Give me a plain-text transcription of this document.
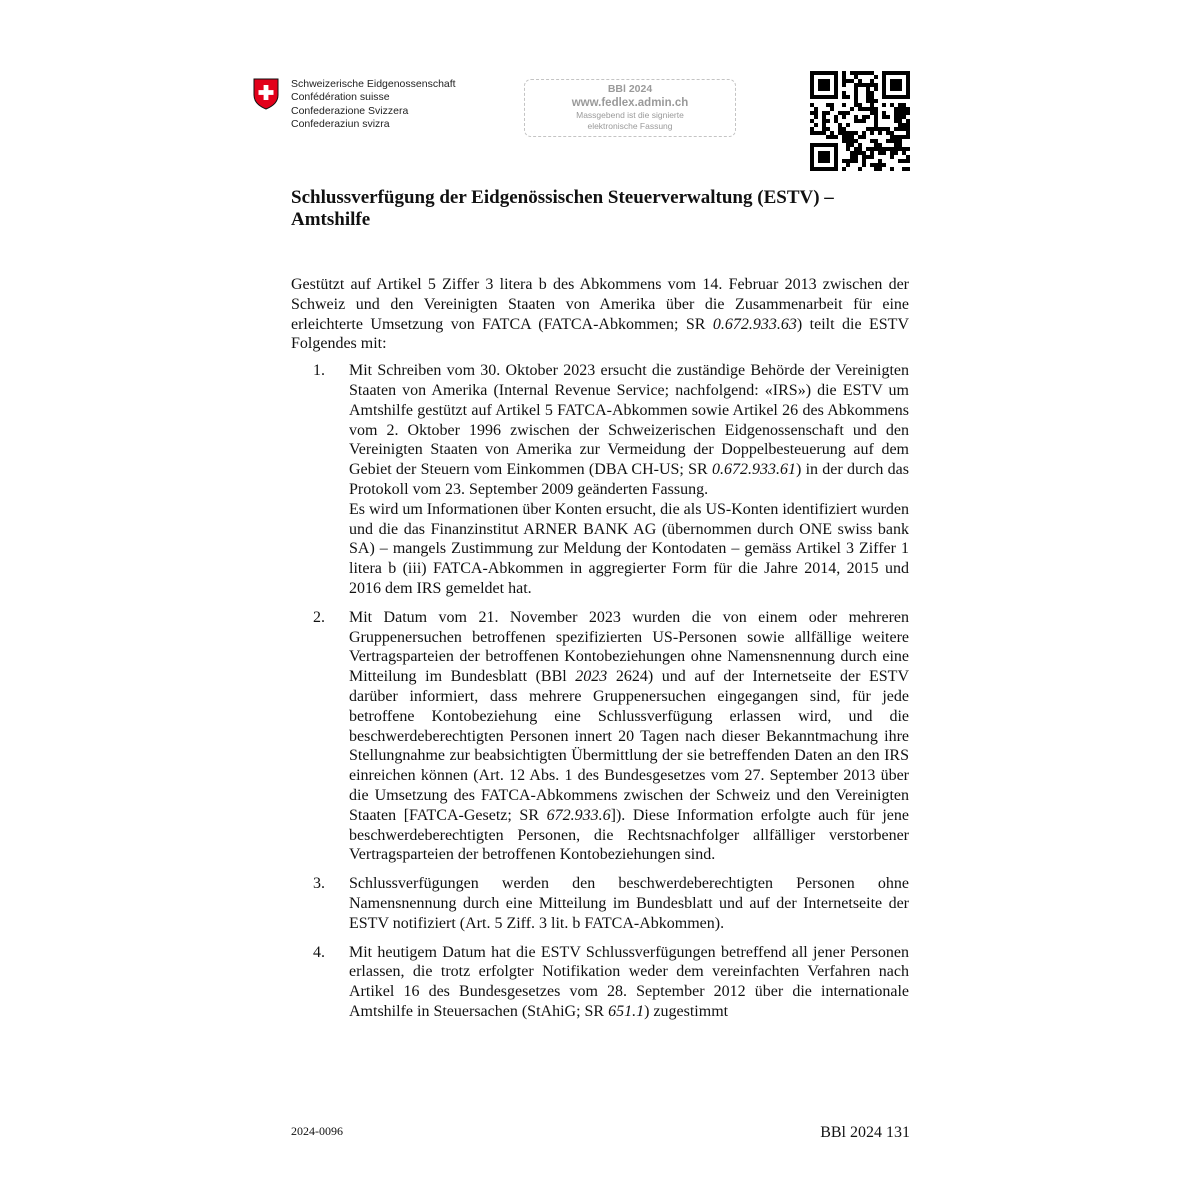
Schweizerische Eidgenossenschaft
Confédération suisse
Confederazione Svizzera
Confederaziun svizra
BBl 2024
www.fedlex.admin.ch
Massgebend ist die signierte
elektronische Fassung
Schlussverfügung der Eidgenössischen Steuerverwaltung (ESTV) –
Amtshilfe

Gestützt auf Artikel 5 Ziffer 3 litera b des Abkommens vom 14. Februar 2013 zwischen der Schweiz und den Vereinigten Staaten von Amerika über die Zusammenarbeit für eine erleichterte Umsetzung von FATCA (FATCA-Abkommen; SR 0.672.933.63) teilt die ESTV Folgendes mit:

1. Mit Schreiben vom 30. Oktober 2023 ersucht die zuständige Behörde der Vereinigten Staaten von Amerika (Internal Revenue Service; nachfolgend: «IRS») die ESTV um Amtshilfe gestützt auf Artikel 5 FATCA-Abkommen sowie Artikel 26 des Abkommens vom 2. Oktober 1996 zwischen der Schweizerischen Eidgenossenschaft und den Vereinigten Staaten von Amerika zur Vermeidung der Doppelbesteuerung auf dem Gebiet der Steuern vom Einkommen (DBA CH-US; SR 0.672.933.61) in der durch das Protokoll vom 23. September 2009 geänderten Fassung.

Es wird um Informationen über Konten ersucht, die als US-Konten identifiziert wurden und die das Finanzinstitut ARNER BANK AG (übernommen durch ONE swiss bank SA) – mangels Zustimmung zur Meldung der Kontodaten – gemäss Artikel 3 Ziffer 1 litera b (iii) FATCA-Abkommen in aggregierter Form für die Jahre 2014, 2015 und 2016 dem IRS gemeldet hat.

2. Mit Datum vom 21. November 2023 wurden die von einem oder mehreren Gruppenersuchen betroffenen spezifizierten US-Personen sowie allfällige weitere Vertragsparteien der betroffenen Kontobeziehungen ohne Namensnennung durch eine Mitteilung im Bundesblatt (BBl 2023 2624) und auf der Internetseite der ESTV darüber informiert, dass mehrere Gruppenersuchen eingegangen sind, für jede betroffene Kontobeziehung eine Schlussverfügung erlassen wird, und die beschwerdeberechtigten Personen innert 20 Tagen nach dieser Bekanntmachung ihre Stellungnahme zur beabsichtigten Übermittlung der sie betreffenden Daten an den IRS einreichen können (Art. 12 Abs. 1 des Bundesgesetzes vom 27. September 2013 über die Umsetzung des FATCA-Abkommens zwischen der Schweiz und den Vereinigten Staaten [FATCA-Gesetz; SR 672.933.6]). Diese Information erfolgte auch für jene beschwerdeberechtigten Personen, die Rechtsnachfolger allfälliger verstorbener Vertragsparteien der betroffenen Kontobeziehungen sind.

3. Schlussverfügungen werden den beschwerdeberechtigten Personen ohne Namensnennung durch eine Mitteilung im Bundesblatt und auf der Internetseite der ESTV notifiziert (Art. 5 Ziff. 3 lit. b FATCA-Abkommen).

4. Mit heutigem Datum hat die ESTV Schlussverfügungen betreffend all jener Personen erlassen, die trotz erfolgter Notifikation weder dem vereinfachten Verfahren nach Artikel 16 des Bundesgesetzes vom 28. September 2012 über die internationale Amtshilfe in Steuersachen (StAhiG; SR 651.1) zugestimmt

2024-0096	BBl 2024 131
